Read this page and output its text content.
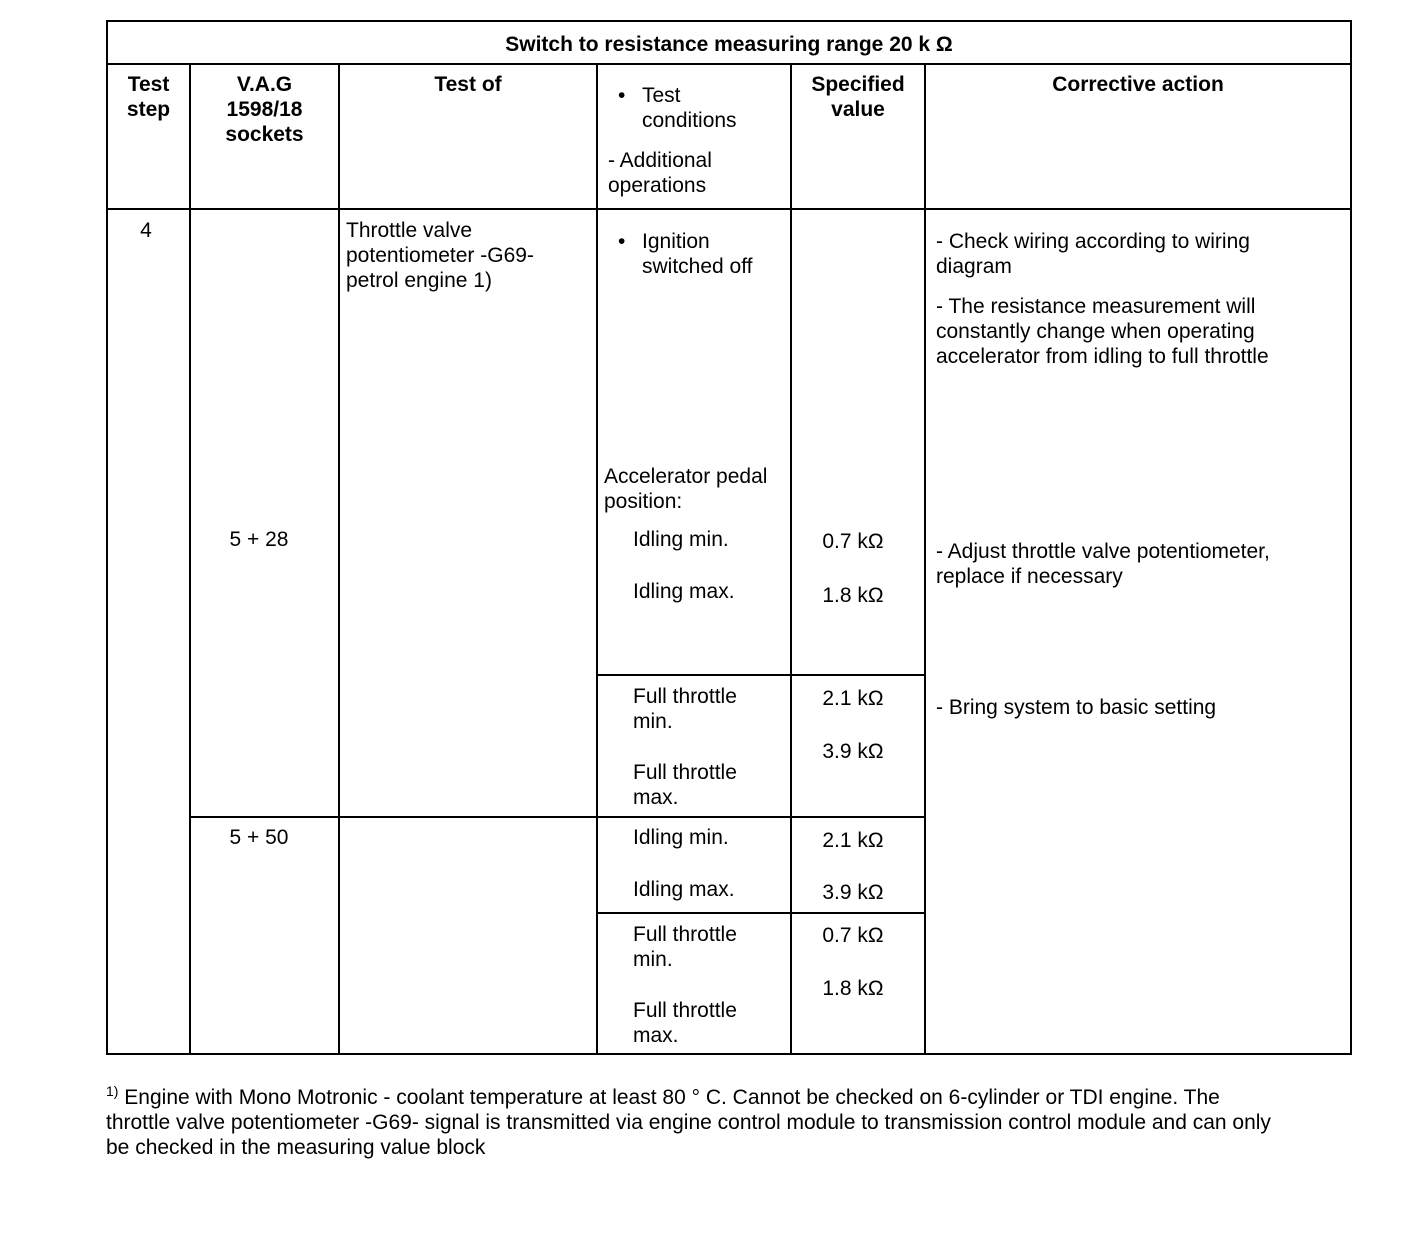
Switch to resistance measuring range 20 k Ω
Test
step
V.A.G
1598/18
sockets
Test of
•	Test
conditions
- Additional
operations
Specified
value
Corrective action
4	Throttle valve
potentiometer -G69-
petrol engine 1)
• Ignition
switched off
- Check wiring according to wiring
diagram
- The resistance measurement will
constantly change when operating
accelerator from idling to full throttle
Accelerator pedal
position:
5 + 28	Idling min.
Idling max.
0.7 kΩ
1.8 kΩ
- Adjust throttle valve potentiometer,
replace if necessary
Full throttle
min.
Full throttle
max.
2.1 kΩ
3.9 kΩ
- Bring system to basic setting
5 + 50	Idling min.
Idling max.
2.1 kΩ
3.9 kΩ
Full throttle
min.
Full throttle
max.
0.7 kΩ
1.8 kΩ
$^{1)}$ Engine with Mono Motronic - coolant temperature at least 80 ° C. Cannot be checked on 6-cylinder or TDI engine. The
throttle valve potentiometer -G69- signal is transmitted via engine control module to transmission control module and can only
be checked in the measuring value block
